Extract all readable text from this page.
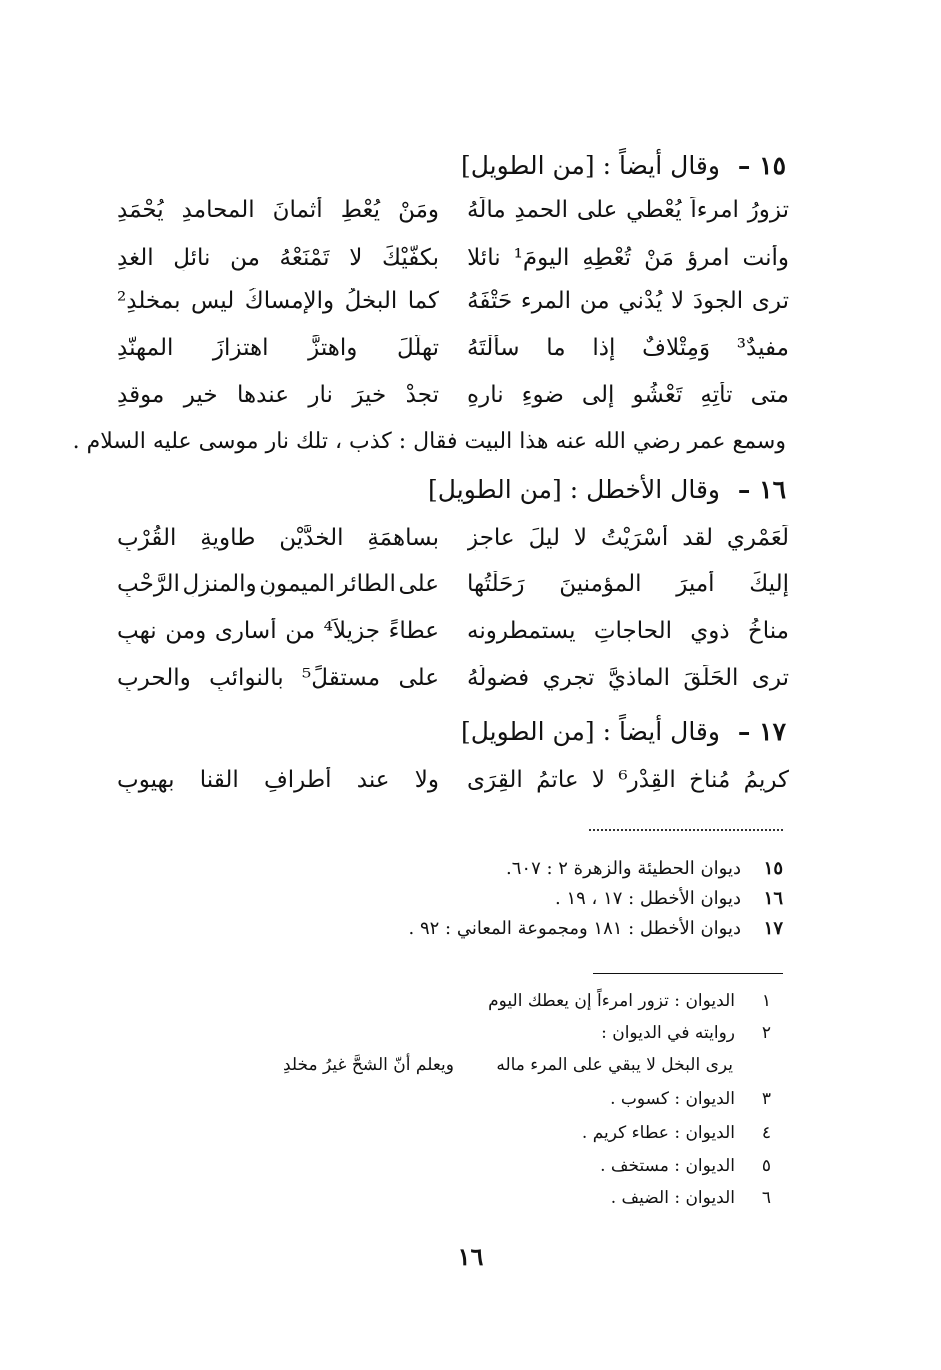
١٥ – وقال أيضاً : [من الطويل]
تزورُ
امرءاً
يُعْطي
على
الحمدِ
مالَهُ
ومَنْ
يُعْطِ
أثمانَ
المحامدِ
يُحْمَدِ
وأنت
امرؤ
مَنْ
تُعْطِهِ
اليومَ¹
نائلا
بكفَّيْكَ
لا
تَمْنَعْهُ
من
نائلِ
الغدِ
ترى
الجودَ
لا
يُدْني
من
المرء
حَتْفَهُ
كما
البخلُ
والإمساكُ
ليس
بمخلدِ²
مفيدٌ³
وَمِتْلافٌ
إذا
ما
سألْتَهُ
تهلَّلَ
واهتزَّ
اهتزازَ
المهنّدِ
متى
تأتِهِ
تَعْشُو
إلى
ضوءِ
نارِهِ
تجدْ
خيرَ
نارٍ
عندها
خير
موقدِ
وسمع عمر رضي الله عنه هذا البيت فقال : كذب ، تلك نار موسى عليه السلام .
١٦ – وقال الأخطل : [من الطويل]
لَعَمْري
لقد
أَسْرَيْتُ
لا
ليلَ
عاجزٍ
بساهمَةِ
الخدَّيْنِ
طاويةِ
القُرْبِ
إليكَ
أميرَ
المؤمنينَ
رَحَلْتُها
على
الطائرِ
الميمونِ
والمنزلِ
الرَّحْبِ
مناخُ
ذوي
الحاجاتِ
يستمطرونه
عطاءً
جزيلاً⁴
من
أُسارى
ومن
نهبِ
ترى
الحَلَقَ
الماذيَّ
تجري
فضولُهُ
على
مستقلٍّ⁵
بالنوائبِ
والحربِ
١٧ – وقال أيضاً : [من الطويل]
كريمُ
مُناخِ
القِدْرِ⁶
لا
عاتمُ
القِرَى
ولا
عند
أطرافِ
القنا
بهيوبِ
١٥ديوان الحطيئة والزهرة ٢ : ٦٠٧.
١٦ديوان الأخطل : ١٧ ، ١٩ .
١٧ديوان الأخطل : ١٨١ ومجموعة المعاني : ٩٢ .
١الديوان : تزور امرءاً إن يعطك اليوم
٢روايته في الديوان :
يرى البخل لا يبقي على المرء ماله
ويعلم أنّ الشحَّ غيرُ مخلدِ
٣الديوان : كسوب .
٤الديوان : عطاء كريم .
٥الديوان : مستخف .
٦الديوان : الضيف .
١٦
